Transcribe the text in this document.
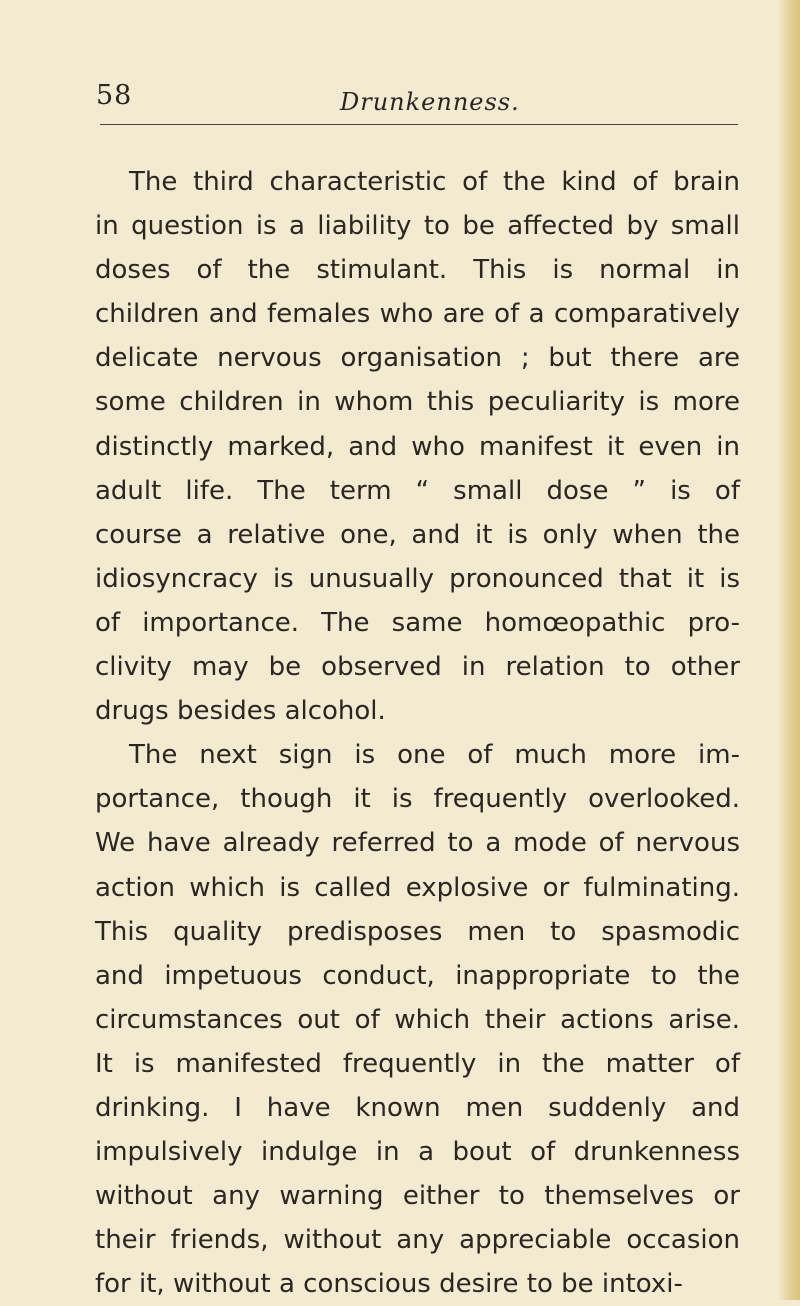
58	Drunkenness.
The third characteristic of the kind of brain
in question is a liability to be affected by small
doses of the stimulant. This is normal in
children and females who are of a comparatively
delicate nervous organisation ; but there are
some children in whom this peculiarity is more
distinctly marked, and who manifest it even in
adult life. The term “ small dose ” is of
course a relative one, and it is only when the
idiosyncracy is unusually pronounced that it is
of importance. The same homœopathic pro-
clivity may be observed in relation to other
drugs besides alcohol.
The next sign is one of much more im-
portance, though it is frequently overlooked.
We have already referred to a mode of nervous
action which is called explosive or fulminating.
This quality predisposes men to spasmodic
and impetuous conduct, inappropriate to the
circumstances out of which their actions arise.
It is manifested frequently in the matter of
drinking. I have known men suddenly and
impulsively indulge in a bout of drunkenness
without any warning either to themselves or
their friends, without any appreciable occasion
for it, without a conscious desire to be intoxi-
